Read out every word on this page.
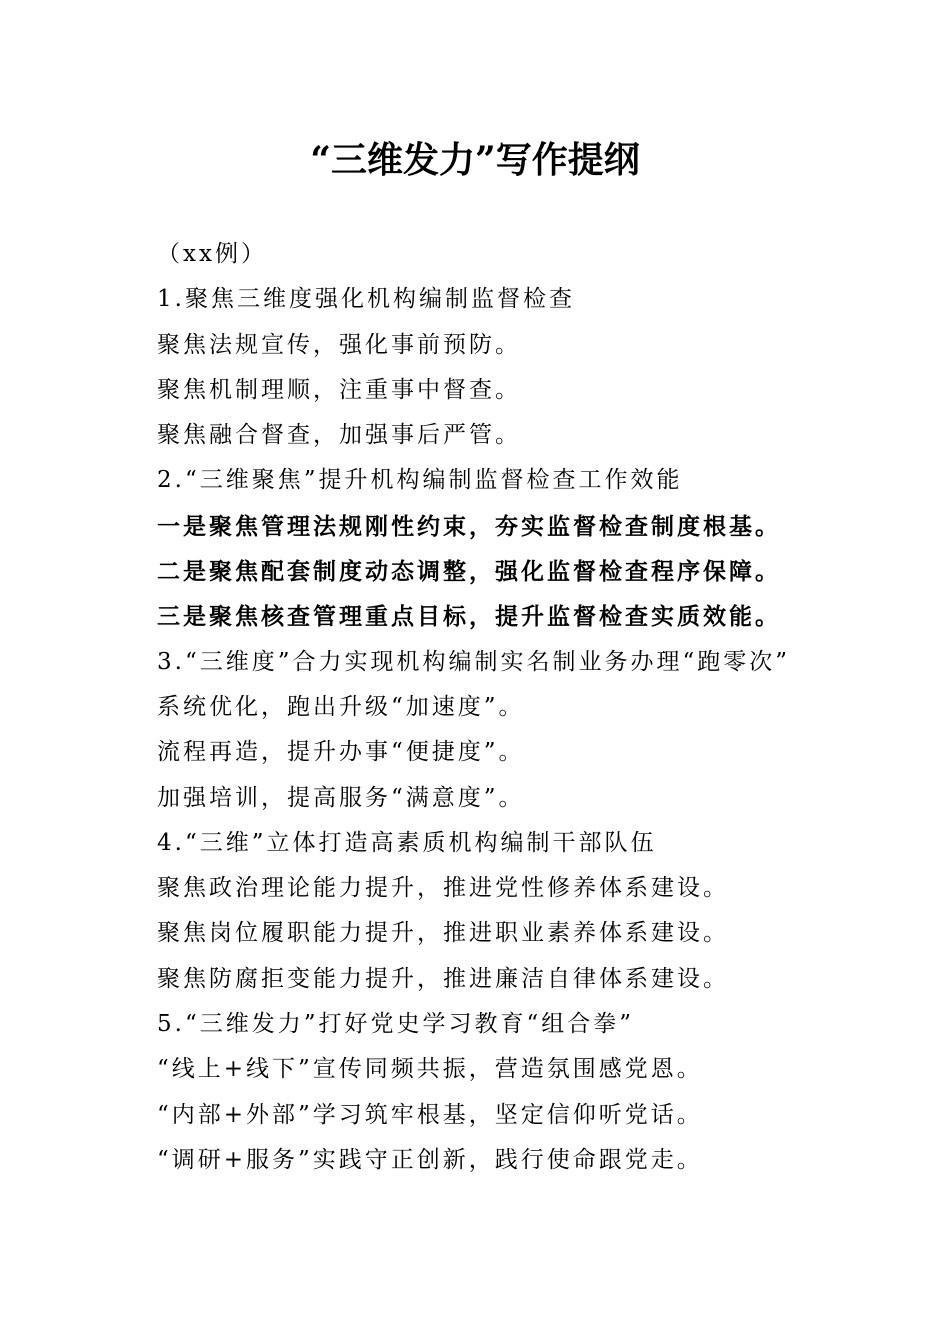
“三维发力”写作提纲
（xx例）
1.聚焦三维度强化机构编制监督检查
聚焦法规宣传，强化事前预防。
聚焦机制理顺，注重事中督查。
聚焦融合督查，加强事后严管。
2.“三维聚焦”提升机构编制监督检查工作效能
一是聚焦管理法规刚性约束，夯实监督检查制度根基。
二是聚焦配套制度动态调整，强化监督检查程序保障。
三是聚焦核查管理重点目标，提升监督检查实质效能。
3.“三维度”合力实现机构编制实名制业务办理“跑零次”
系统优化，跑出升级“加速度”。
流程再造，提升办事“便捷度”。
加强培训，提高服务“满意度”。
4.“三维”立体打造高素质机构编制干部队伍
聚焦政治理论能力提升，推进党性修养体系建设。
聚焦岗位履职能力提升，推进职业素养体系建设。
聚焦防腐拒变能力提升，推进廉洁自律体系建设。
5.“三维发力”打好党史学习教育“组合拳”
“线上+线下”宣传同频共振，营造氛围感党恩。
“内部+外部”学习筑牢根基，坚定信仰听党话。
“调研+服务”实践守正创新，践行使命跟党走。
